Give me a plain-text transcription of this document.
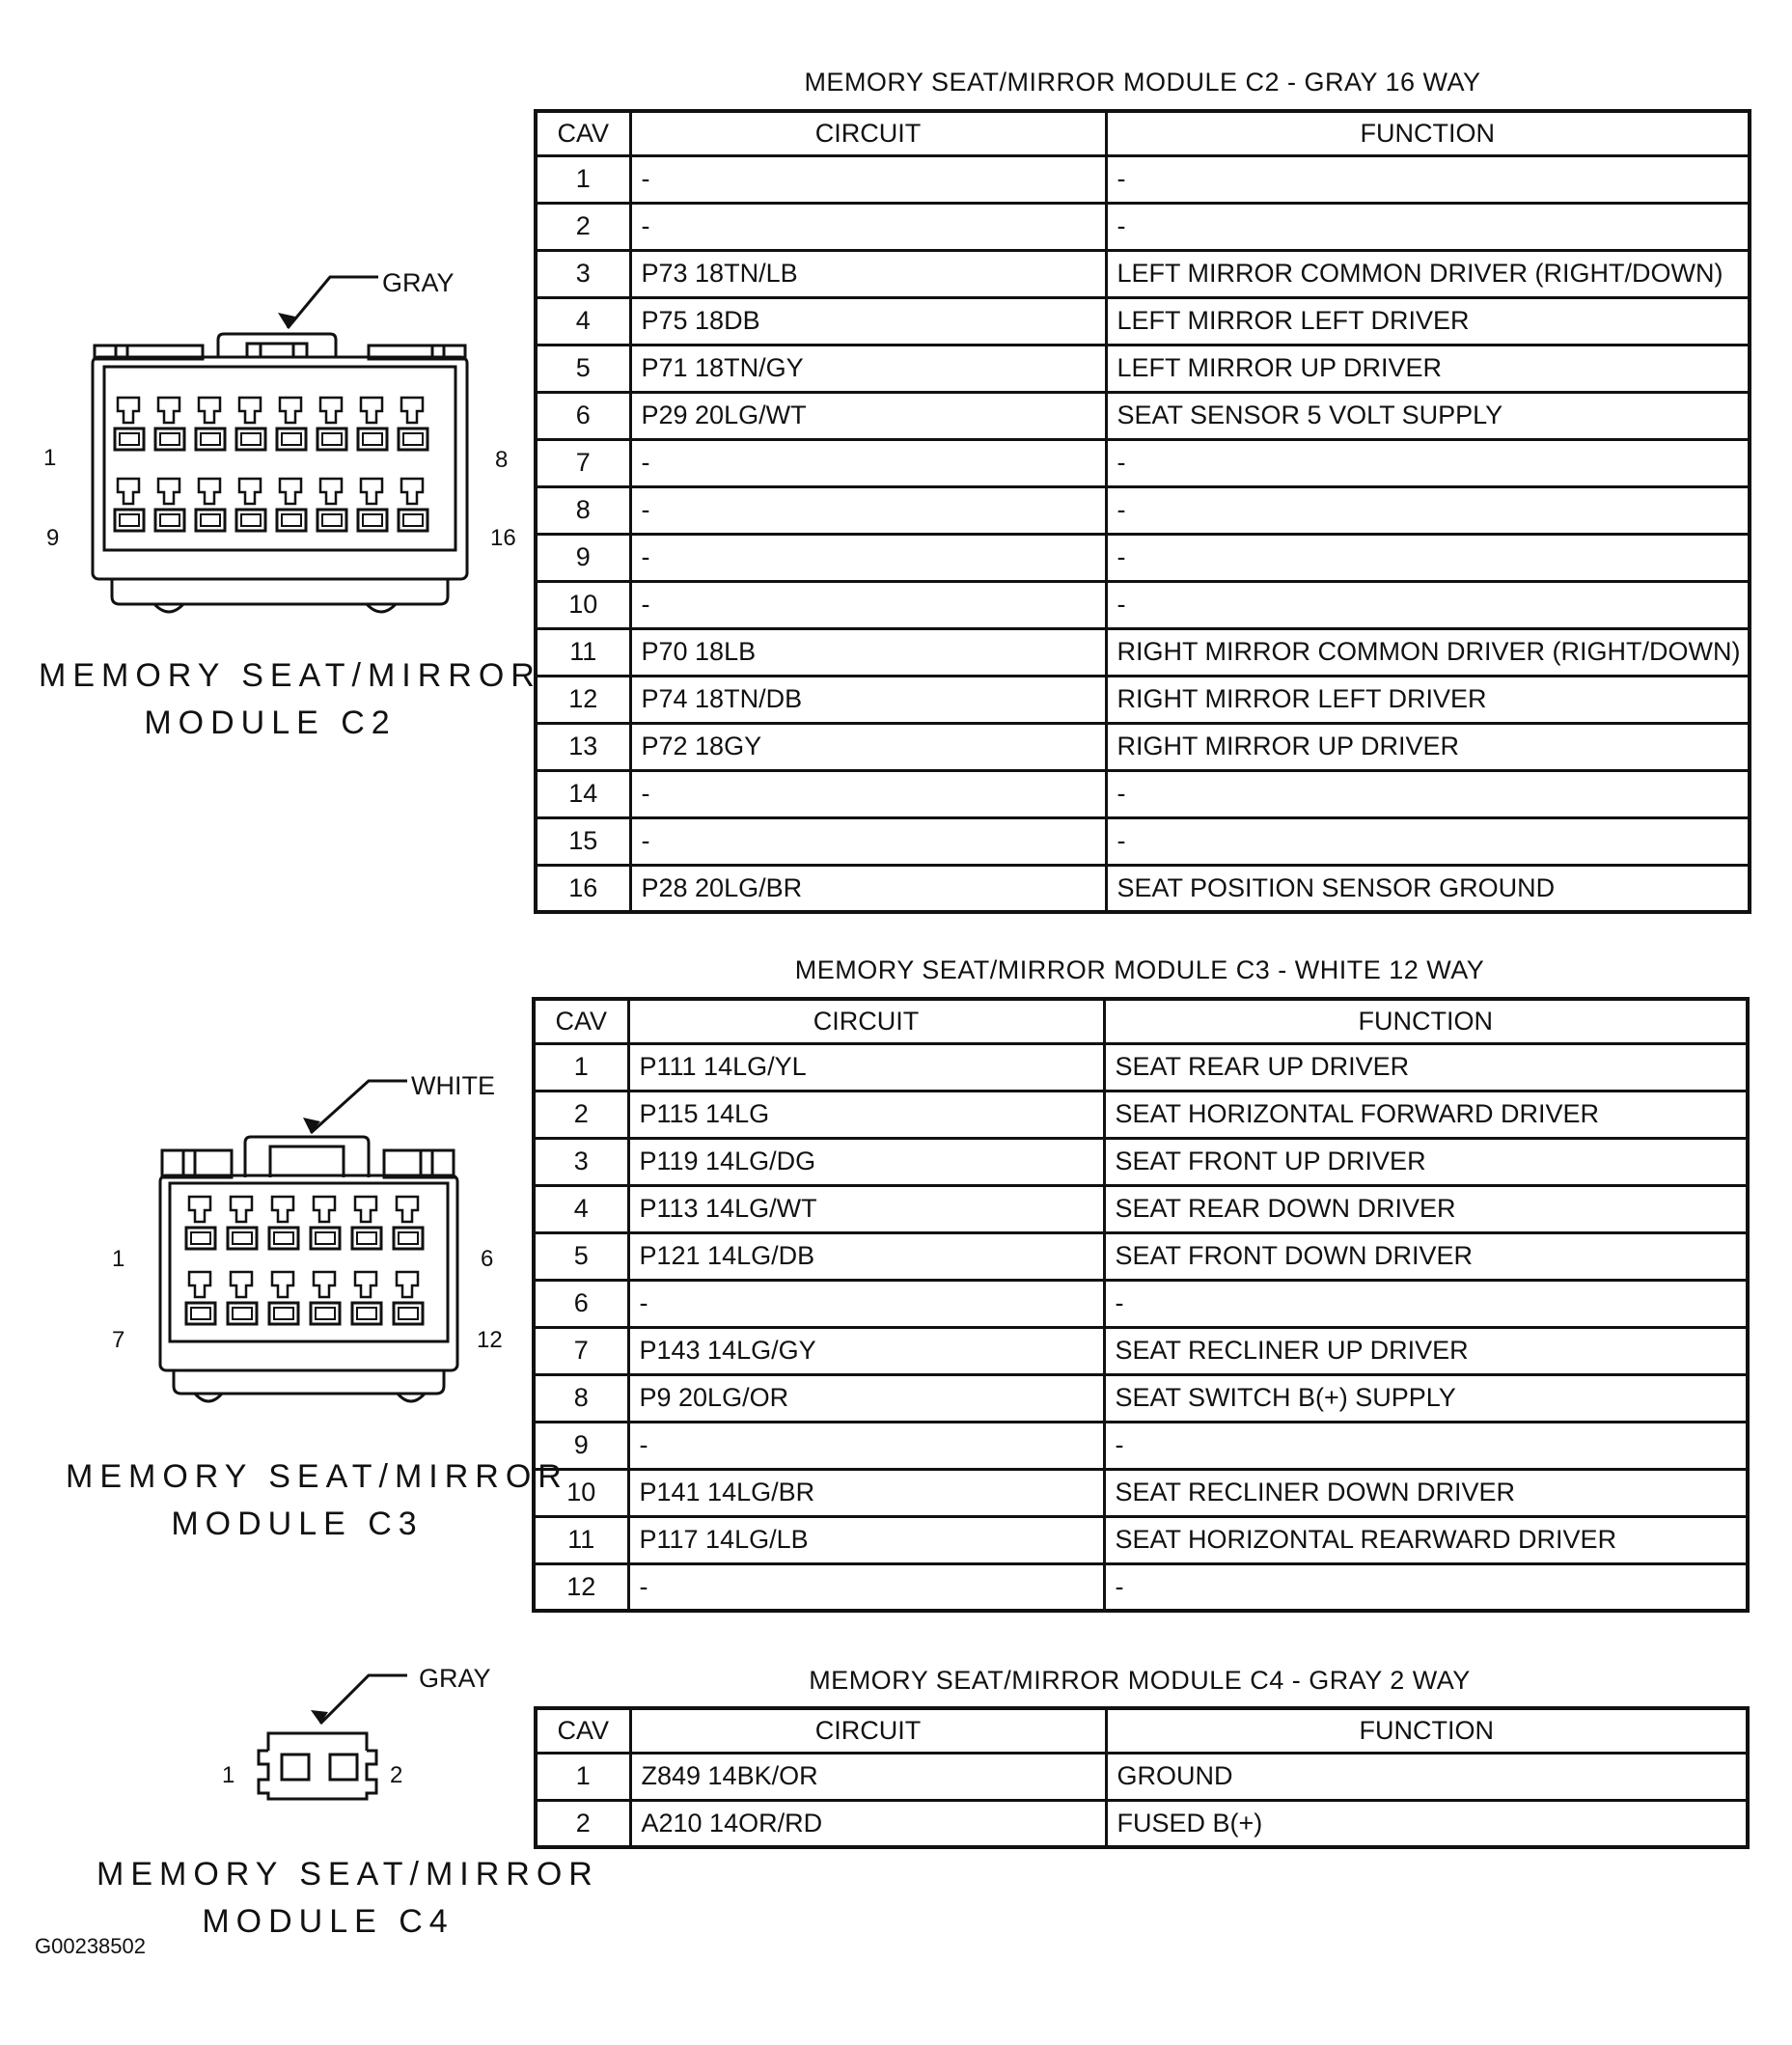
MEMORY SEAT/MIRROR MODULE C2 - GRAY 16 WAY
CAV	CIRCUIT	FUNCTION
1	-	-
2	-	-
3	P73 18TN/LB	LEFT MIRROR COMMON DRIVER (RIGHT/DOWN)
4	P75 18DB	LEFT MIRROR LEFT DRIVER
5	P71 18TN/GY	LEFT MIRROR UP DRIVER
6	P29 20LG/WT	SEAT SENSOR 5 VOLT SUPPLY
7	-	-
8	-	-
9	-	-
10	-	-
11	P70 18LB	RIGHT MIRROR COMMON DRIVER (RIGHT/DOWN)
12	P74 18TN/DB	RIGHT MIRROR LEFT DRIVER
13	P72 18GY	RIGHT MIRROR UP DRIVER
14	-	-
15	-	-
16	P28 20LG/BR	SEAT POSITION SENSOR GROUND
GRAY
1	8
9	16
MEMORY SEAT/MIRROR
MODULE C2
MEMORY SEAT/MIRROR MODULE C3 - WHITE 12 WAY
CAV	CIRCUIT	FUNCTION
1	P111 14LG/YL	SEAT REAR UP DRIVER
2	P115 14LG	SEAT HORIZONTAL FORWARD DRIVER
3	P119 14LG/DG	SEAT FRONT UP DRIVER
4	P113 14LG/WT	SEAT REAR DOWN DRIVER
5	P121 14LG/DB	SEAT FRONT DOWN DRIVER
6	-	-
7	P143 14LG/GY	SEAT RECLINER UP DRIVER
8	P9 20LG/OR	SEAT SWITCH B(+) SUPPLY
9	-	-
10	P141 14LG/BR	SEAT RECLINER DOWN DRIVER
11	P117 14LG/LB	SEAT HORIZONTAL REARWARD DRIVER
12	-	-
WHITE
1	6
7	12
MEMORY SEAT/MIRROR
MODULE C3
MEMORY SEAT/MIRROR MODULE C4 - GRAY 2 WAY
CAV	CIRCUIT	FUNCTION
1	Z849 14BK/OR	GROUND
2	A210 14OR/RD	FUSED B(+)
GRAY
1	2
MEMORY SEAT/MIRROR
MODULE C4
G00238502
